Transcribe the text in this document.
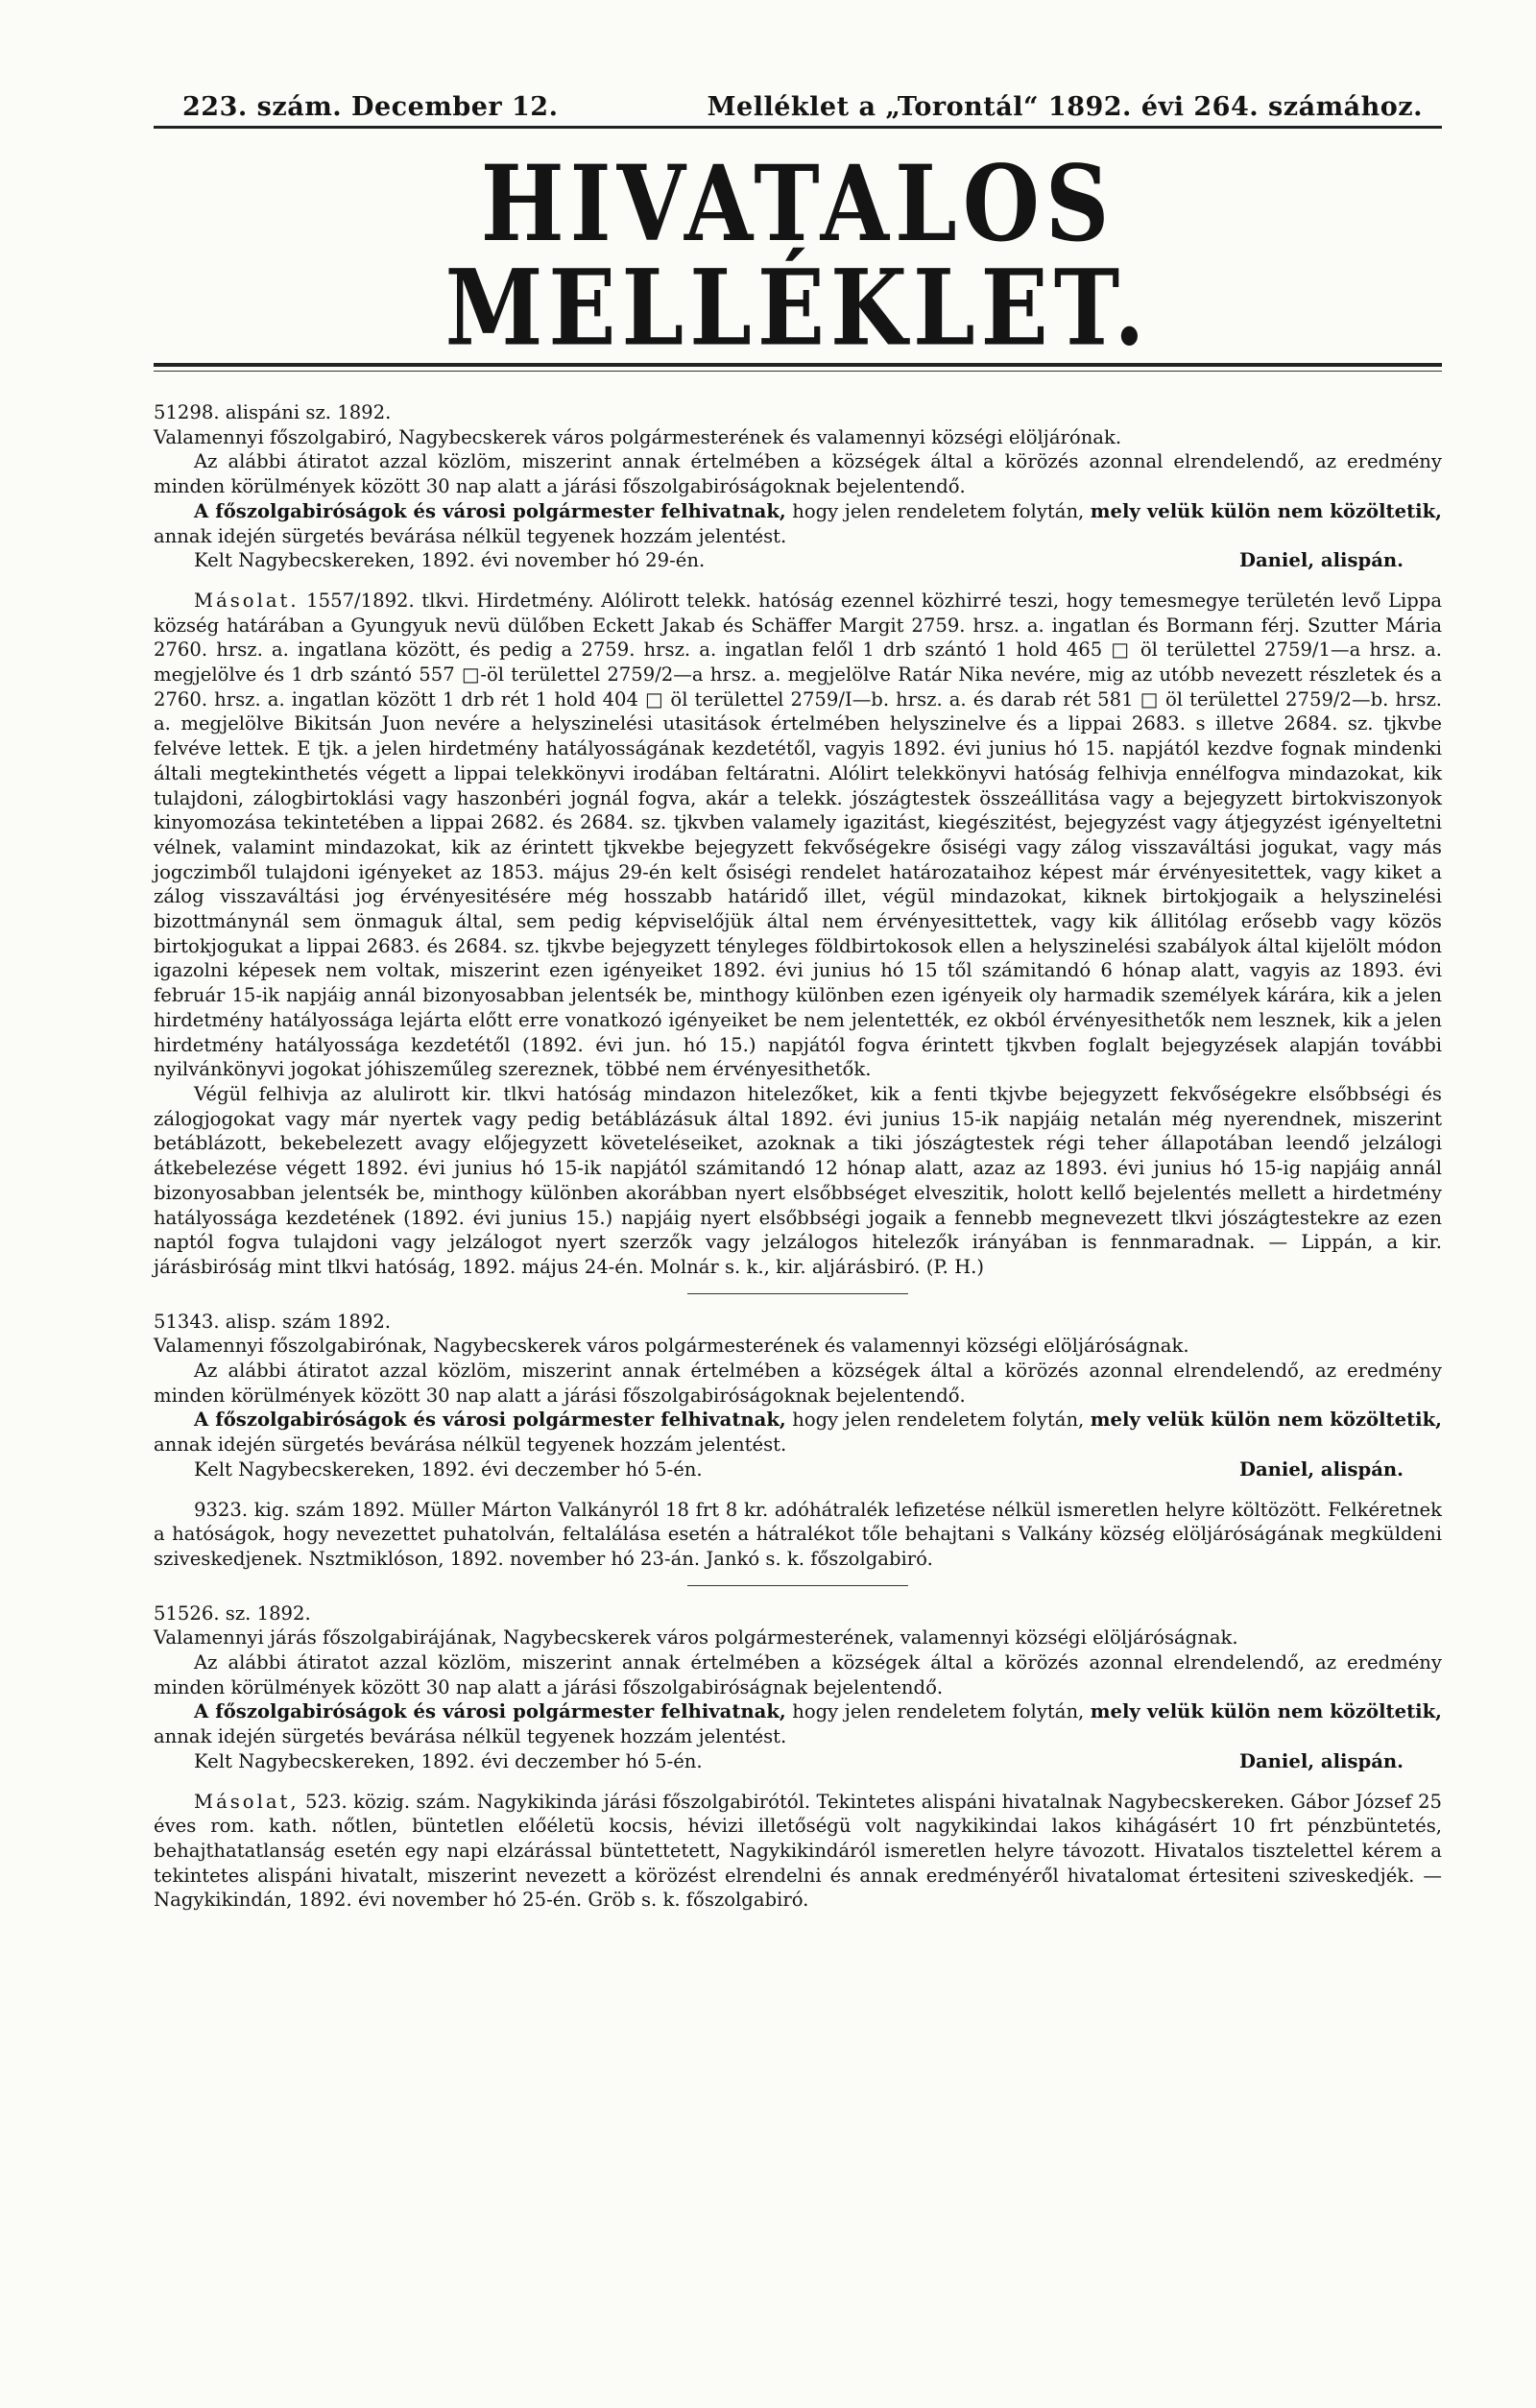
223. szám. December 12.	Melléklet a „Torontál“ 1892. évi 264. számához.
HIVATALOS MELLÉKLET.

51298. alispáni sz. 1892.

Valamennyi főszolgabiró, Nagybecskerek város polgármesterének és valamennyi községi elöljárónak.

Az alábbi átiratot azzal közlöm, miszerint annak értelmében a községek által a körözés azonnal elrendelendő, az eredmény minden körülmények között 30 nap alatt a járási főszolgabiróságoknak bejelentendő.

A főszolgabiróságok és városi polgármester felhivatnak, hogy jelen rendeletem folytán, mely velük külön nem közöltetik, annak idején sürgetés bevárása nélkül tegyenek hozzám jelentést.

Kelt Nagybecskereken, 1892. évi november hó 29-én.	Daniel, alispán.

Másolat. 1557/1892. tlkvi. Hirdetmény. Alólirott telekk. hatóság ezennel közhirré teszi, hogy temesmegye területén levő Lippa község határában a Gyungyuk nevü dülőben Eckett Jakab és Schäffer Margit 2759. hrsz. a. ingatlan és Bormann férj. Szutter Mária 2760. hrsz. a. ingatlana között, és pedig a 2759. hrsz. a. ingatlan felől 1 drb szántó 1 hold 465 □ öl területtel 2759/1—a hrsz. a. megjelölve és 1 drb szántó 557 □-öl területtel 2759/2—a hrsz. a. megjelölve Ratár Nika nevére, mig az utóbb nevezett részletek és a 2760. hrsz. a. ingatlan között 1 drb rét 1 hold 404 □ öl területtel 2759/I—b. hrsz. a. és darab rét 581 □ öl területtel 2759/2—b. hrsz. a. megjelölve Bikitsán Juon nevére a helyszinelési utasitások értelmében helyszinelve és a lippai 2683. s illetve 2684. sz. tjkvbe felvéve lettek. E tjk. a jelen hirdetmény hatályosságának kezdetétől, vagyis 1892. évi junius hó 15. napjától kezdve fognak mindenki általi megtekinthetés végett a lippai telekkönyvi irodában feltáratni. Alólirt telekkönyvi hatóság felhivja ennélfogva mindazokat, kik tulajdoni, zálogbirtoklási vagy haszonbéri jognál fogva, akár a telekk. jószágtestek összeállitása vagy a bejegyzett birtokviszonyok kinyomozása tekintetében a lippai 2682. és 2684. sz. tjkvben valamely igazitást, kiegészitést, bejegyzést vagy átjegyzést igényeltetni vélnek, valamint mindazokat, kik az érintett tjkvekbe bejegyzett fekvőségekre ősiségi vagy zálog visszaváltási jogukat, vagy más jogczimből tulajdoni igényeket az 1853. május 29-én kelt ősiségi rendelet határozataihoz képest már érvényesitettek, vagy kiket a zálog visszaváltási jog érvényesitésére még hosszabb határidő illet, végül mindazokat, kiknek birtokjogaik a helyszinelési bizottmánynál sem önmaguk által, sem pedig képviselőjük által nem érvényesittettek, vagy kik állitólag erősebb vagy közös birtokjogukat a lippai 2683. és 2684. sz. tjkvbe bejegyzett tényleges földbirtokosok ellen a helyszinelési szabályok által kijelölt módon igazolni képesek nem voltak, miszerint ezen igényeiket 1892. évi junius hó 15 től számitandó 6 hónap alatt, vagyis az 1893. évi február 15-ik napjáig annál bizonyosabban jelentsék be, minthogy különben ezen igényeik oly harmadik személyek kárára, kik a jelen hirdetmény hatályossága lejárta előtt erre vonatkozó igényeiket be nem jelentették, ez okból érvényesithetők nem lesznek, kik a jelen hirdetmény hatályossága kezdetétől (1892. évi jun. hó 15.) napjától fogva érintett tjkvben foglalt bejegyzések alapján további nyilvánkönyvi jogokat jóhiszeműleg szereznek, többé nem érvényesithetők.

Végül felhivja az alulirott kir. tlkvi hatóság mindazon hitelezőket, kik a fenti tkjvbe bejegyzett fekvőségekre elsőbbségi és zálogjogokat vagy már nyertek vagy pedig betáblázásuk által 1892. évi junius 15-ik napjáig netalán még nyerendnek, miszerint betáblázott, bekebelezett avagy előjegyzett követeléseiket, azoknak a tiki jószágtestek régi teher állapotában leendő jelzálogi átkebelezése végett 1892. évi junius hó 15-ik napjától számitandó 12 hónap alatt, azaz az 1893. évi junius hó 15-ig napjáig annál bizonyosabban jelentsék be, minthogy különben akorábban nyert elsőbbséget elveszitik, holott kellő bejelentés mellett a hirdetmény hatályossága kezdetének (1892. évi junius 15.) napjáig nyert elsőbbségi jogaik a fennebb megnevezett tlkvi jószágtestekre az ezen naptól fogva tulajdoni vagy jelzálogot nyert szerzők vagy jelzálogos hitelezők irányában is fennmaradnak. — Lippán, a kir. járásbiróság mint tlkvi hatóság, 1892. május 24-én. Molnár s. k., kir. aljárásbiró. (P. H.)

51343. alisp. szám 1892.

Valamennyi főszolgabirónak, Nagybecskerek város polgármesterének és valamennyi községi elöljáróságnak.

Az alábbi átiratot azzal közlöm, miszerint annak értelmében a községek által a körözés azonnal elrendelendő, az eredmény minden körülmények között 30 nap alatt a járási főszolgabiróságoknak bejelentendő.

A főszolgabiróságok és városi polgármester felhivatnak, hogy jelen rendeletem folytán, mely velük külön nem közöltetik, annak idején sürgetés bevárása nélkül tegyenek hozzám jelentést.

Kelt Nagybecskereken, 1892. évi deczember hó 5-én.	Daniel, alispán.

9323. kig. szám 1892. Müller Márton Valkányról 18 frt 8 kr. adóhátralék lefizetése nélkül ismeretlen helyre költözött. Felkéretnek a hatóságok, hogy nevezettet puhatolván, feltalálása esetén a hátralékot tőle behajtani s Valkány község elöljáróságának megküldeni sziveskedjenek. Nsztmiklóson, 1892. november hó 23-án. Jankó s. k. főszolgabiró.

51526. sz. 1892.

Valamennyi járás főszolgabirájának, Nagybecskerek város polgármesterének, valamennyi községi elöljáróságnak.

Az alábbi átiratot azzal közlöm, miszerint annak értelmében a községek által a körözés azonnal elrendelendő, az eredmény minden körülmények között 30 nap alatt a járási főszolgabiróságnak bejelentendő.

A főszolgabiróságok és városi polgármester felhivatnak, hogy jelen rendeletem folytán, mely velük külön nem közöltetik, annak idején sürgetés bevárása nélkül tegyenek hozzám jelentést.

Kelt Nagybecskereken, 1892. évi deczember hó 5-én.	Daniel, alispán.

Másolat, 523. közig. szám. Nagykikinda járási főszolgabirótól. Tekintetes alispáni hivatalnak Nagybecskereken. Gábor József 25 éves rom. kath. nőtlen, büntetlen előéletü kocsis, hévizi illetőségü volt nagykikindai lakos kihágásért 10 frt pénzbüntetés, behajthatatlanság esetén egy napi elzárással büntettetett, Nagykikindáról ismeretlen helyre távozott. Hivatalos tisztelettel kérem a tekintetes alispáni hivatalt, miszerint nevezett a körözést elrendelni és annak eredményéről hivatalomat értesiteni sziveskedjék. — Nagykikindán, 1892. évi november hó 25-én. Gröb s. k. főszolgabiró.
